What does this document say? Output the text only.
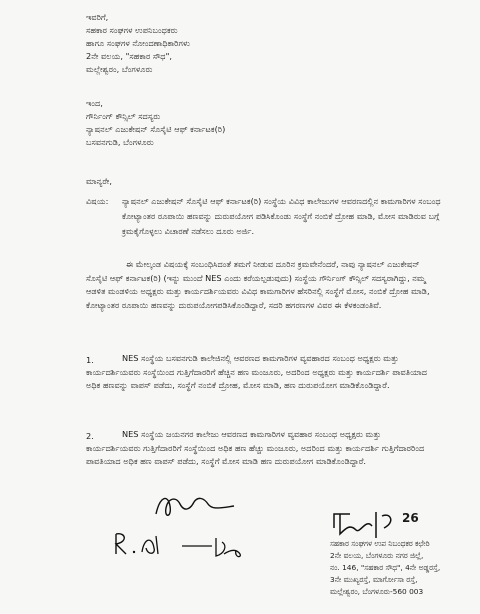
ಇವರಿಗೆ,
ಸಹಕಾರ ಸಂಘಗಳ ಉಪನಿಬಂಧಕರು
ಹಾಗೂ ಸಂಘಗಳ ನೋಂದಣಾಧಿಕಾರಿಗಳು
2ನೇ ವಲಯ, "ಸಹಕಾರ ಸೌಧ",
ಮಲ್ಲೇಶ್ವರಂ, ಬೆಂಗಳೂರು
ಇಂದ,
ಗೌರ್ನಿಂಗ್ ಕೌನ್ಸಿಲ್ ಸದಸ್ಯರು
ನ್ಯಾಷನಲ್ ಎಜುಕೇಷನ್ ಸೊಸೈಟಿ ಆಫ್ ಕರ್ನಾಟಕ(ರಿ)
ಬಸವನಗುಡಿ, ಬೆಂಗಳೂರು
ಮಾನ್ಯರೇ,
ವಿಷಯ: ನ್ಯಾಷನಲ್ ಎಜುಕೇಷನ್ ಸೊಸೈಟಿ ಆಫ್ ಕರ್ನಾಟಕ(ರಿ) ಸಂಸ್ಥೆಯ ವಿವಿಧ ಕಾಲೇಜುಗಳ ಆವರಣದಲ್ಲಿನ ಕಾಮಗಾರಿಗಳ ಸಂಬಂಧ ಕೋಟ್ಯಾಂತರ ರೂಪಾಯಿ ಹಣವನ್ನು ದುರುಪಯೋಗ ಪಡಿಸಿಕೊಂಡು ಸಂಸ್ಥೆಗೆ ನಂಬಿಕೆ ದ್ರೋಹ ಮಾಡಿ, ಮೋಸ ಮಾಡಿರುವ ಬಗ್ಗೆ ಕ್ರಮಕೈಗೊಳ್ಳಲು ವಿಚಾರಣೆ ನಡೆಸಲು ದೂರು ಅರ್ಜಿ.
ಈ ಮೇಲ್ಕಂಡ ವಿಷಯಕ್ಕೆ ಸಂಬಂಧಿಸಿದಂತೆ ತಮಗೆ ನೀಡುವ ದೂರಿನ ಕ್ರಮವೇನೆಂದರೆ, ನಾವು ನ್ಯಾಷನಲ್ ಎಜುಕೇಷನ್ ಸೊಸೈಟಿ ಆಫ್ ಕರ್ನಾಟಕ(ರಿ) (ಇನ್ನು ಮುಂದೆ NES ಎಂದು ಕರೆಯಲ್ಪಡುವುದು) ಸಂಸ್ಥೆಯ ಗೌರ್ನಿಂಗ್ ಕೌನ್ಸಿಲ್ ಸದಸ್ಯರಾಗಿದ್ದು, ನಮ್ಮ ಆಡಳಿತ ಮಂಡಳಿಯ ಅಧ್ಯಕ್ಷರು ಮತ್ತು ಕಾರ್ಯದರ್ಶಿಯವರು ವಿವಿಧ ಕಾಮಗಾರಿಗಳ ಹೆಸರಿನಲ್ಲಿ ಸಂಸ್ಥೆಗೆ ಮೋಸ, ನಂಬಿಕೆ ದ್ರೋಹ ಮಾಡಿ, ಕೋಟ್ಯಾಂತರ ರೂಪಾಯಿ ಹಣವನ್ನು ದುರುಪಯೋಗಪಡಿಸಿಕೊಂಡಿದ್ದಾರೆ, ಸದರಿ ಹಗರಣಗಳ ವಿವರ ಈ ಕೆಳಕಂಡಂತಿವೆ.
1.	NES ಸಂಸ್ಥೆಯ ಬಸವನಗುಡಿ ಕಾಲೇಜಿನಲ್ಲಿ ಆವರಣದ ಕಾಮಗಾರಿಗಳ ವ್ಯವಹಾರದ ಸಂಬಂಧ ಅಧ್ಯಕ್ಷರು ಮತ್ತು ಕಾರ್ಯದರ್ಶಿಯವರು ಸಂಸ್ಥೆಯಿಂದ ಗುತ್ತಿಗೆದಾರರಿಗೆ ಹೆಚ್ಚಿನ ಹಣ ಮಂಜೂರು, ಅದರಿಂದ ಅಧ್ಯಕ್ಷರು ಮತ್ತು ಕಾರ್ಯದರ್ಶಿ ಪಾವತಿಯಾದ ಅಧಿಕ ಹಣವನ್ನು ವಾಪಸ್ ಪಡೆದು, ಸಂಸ್ಥೆಗೆ ನಂಬಿಕೆ ದ್ರೋಹ, ಮೋಸ ಮಾಡಿ, ಹಣ ದುರುಪಯೋಗ ಮಾಡಿಕೊಂಡಿದ್ದಾರೆ.
2.	NES ಸಂಸ್ಥೆಯ ಜಯನಗರ ಕಾಲೇಜು ಆವರಣದ ಕಾಮಗಾರಿಗಳ ವ್ಯವಹಾರ ಸಂಬಂಧ ಅಧ್ಯಕ್ಷರು ಮತ್ತು ಕಾರ್ಯದರ್ಶಿಯವರು ಗುತ್ತಿಗೆದಾರರಿಗೆ ಸಂಸ್ಥೆಯಿಂದ ಅಧಿಕ ಹಣ ಹೆಚ್ಚು ಮಂಜೂರು, ಅದರಿಂದ ಮತ್ತು ಕಾರ್ಯದರ್ಶಿ ಗುತ್ತಿಗೆದಾರರಿಂದ ಪಾವತಿಯಾದ ಅಧಿಕ ಹಣ ವಾಪಸ್ ಪಡೆದು, ಸಂಸ್ಥೆಗೆ ಮೋಸ ಮಾಡಿ ಹಣ ದುರುಪಯೋಗ ಮಾಡಿಕೊಂಡಿದ್ದಾರೆ.
26
ಸಹಕಾರ ಸಂಘಗಳ ಉಪ ನಿಬಂಧಕರ ಕಛೇರಿ
2ನೇ ವಲಯ, ಬೆಂಗಳೂರು ನಗರ ಜಿಲ್ಲೆ,
ನಂ. 146, "ಸಹಕಾರ ಸೌಧ", 4ನೇ ಅಡ್ಡರಸ್ತೆ,
3ನೇ ಮುಖ್ಯರಸ್ತೆ, ಮಾರ್ಗೋಸಾ ರಸ್ತೆ,
ಮಲ್ಲೇಶ್ವರಂ, ಬೆಂಗಳೂರು-560 003
